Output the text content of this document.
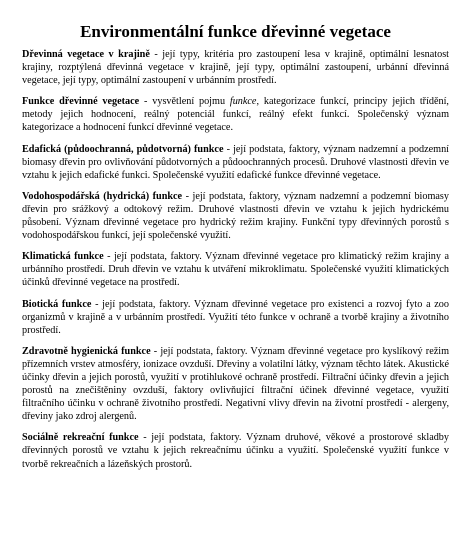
Environmentální funkce dřevinné vegetace

Dřevinná vegetace v krajině - její typy, kritéria pro zastoupení lesa v krajině, optimální lesnatost krajiny, rozptýlená dřevinná vegetace v krajině, její typy, optimální zastoupení, urbánní dřevinná vegetace, její typy, optimální zastoupení v urbánním prostředí.

Funkce dřevinné vegetace - vysvětlení pojmu funkce, kategorizace funkcí, principy jejich třídění, metody jejich hodnocení, reálný potenciál funkcí, reálný efekt funkcí. Společenský význam kategorizace a hodnocení funkcí dřevinné vegetace.

Edafická (půdoochranná, půdotvorná) funkce - její podstata, faktory, význam nadzemní a podzemní biomasy dřevin pro ovlivňování půdotvorných a půdoochranných procesů. Druhové vlastnosti dřevin ve vztahu k jejich edafické funkci. Společenské využití edafické funkce dřevinné vegetace.

Vodohospodářská (hydrická) funkce - její podstata, faktory, význam nadzemní a podzemní biomasy dřevin pro srážkový a odtokový režim. Druhové vlastnosti dřevin ve vztahu k jejich hydrickému působení. Význam dřevinné vegetace pro hydrický režim krajiny. Funkční typy dřevinných porostů s vodohospodářskou funkcí, její společenské využití.

Klimatická funkce - její podstata, faktory. Význam dřevinné vegetace pro klimatický režim krajiny a urbánního prostředí. Druh dřevin ve vztahu k utváření mikroklimatu. Společenské využití klimatických účinků dřevinné vegetace na prostředí.

Biotická funkce - její podstata, faktory. Význam dřevinné vegetace pro existenci a rozvoj fyto a zoo organizmů v krajině a v urbánním prostředí. Využití této funkce v ochraně a tvorbě krajiny a životního prostředí.

Zdravotně hygienická funkce - její podstata, faktory. Význam dřevinné vegetace pro kyslíkový režim přízemních vrstev atmosféry, ionizace ovzduší. Dřeviny a volatilní látky, význam těchto látek. Akustické účinky dřevin a jejich porostů, využití v protihlukové ochraně prostředí. Filtrační účinky dřevin a jejich porostů na znečištěniny ovzduší, faktory ovlivňující filtrační účinek dřevinné vegetace, využití filtračního účinku v ochraně životního prostředí. Negativní vlivy dřevin na životní prostředí - alergeny, dřeviny jako zdroj alergenů.

Sociálně rekreační funkce - její podstata, faktory. Význam druhové, věkové a prostorové skladby dřevinných porostů ve vztahu k jejich rekreačnímu účinku a využití. Společenské využití funkce v tvorbě rekreačních a lázeňských prostorů.
